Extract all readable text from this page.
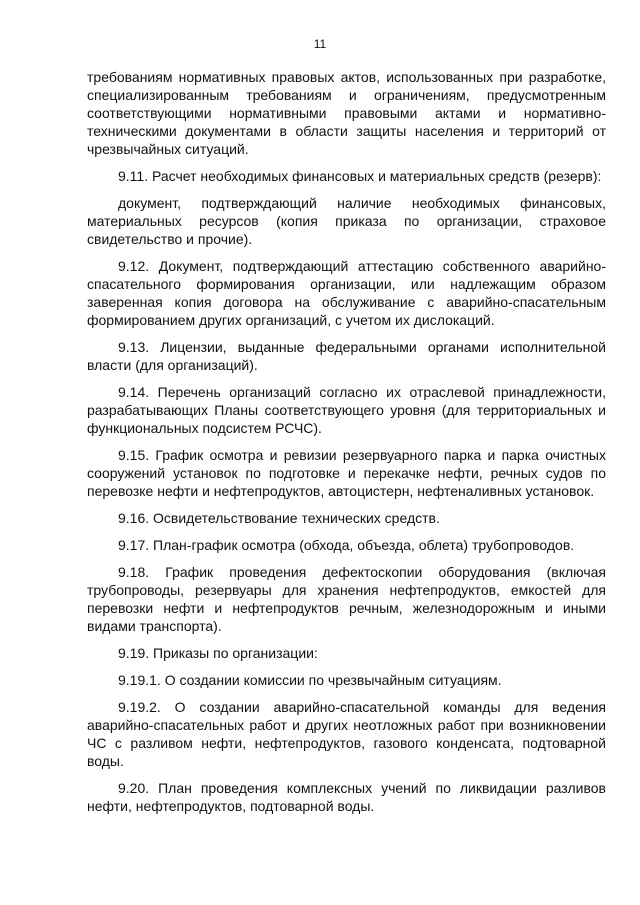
11

требованиям нормативных правовых актов, использованных при разработке, специализированным требованиям и ограничениям, предусмотренным соответствующими нормативными правовыми актами и нормативно-техническими документами в области защиты населения и территорий от чрезвычайных ситуаций.

9.11. Расчет необходимых финансовых и материальных средств (резерв):

документ, подтверждающий наличие необходимых финансовых, материальных ресурсов (копия приказа по организации, страховое свидетельство и прочие).

9.12. Документ, подтверждающий аттестацию собственного аварийно-спасательного формирования организации, или надлежащим образом заверенная копия договора на обслуживание с аварийно-спасательным формированием других организаций, с учетом их дислокаций.

9.13. Лицензии, выданные федеральными органами исполнительной власти (для организаций).

9.14. Перечень организаций согласно их отраслевой принадлежности, разрабатывающих Планы соответствующего уровня (для территориальных и функциональных подсистем РСЧС).

9.15. График осмотра и ревизии резервуарного парка и парка очистных сооружений установок по подготовке и перекачке нефти, речных судов по перевозке нефти и нефтепродуктов, автоцистерн, нефтеналивных установок.

9.16. Освидетельствование технических средств.

9.17. План-график осмотра (обхода, объезда, облета) трубопроводов.

9.18. График проведения дефектоскопии оборудования (включая трубопроводы, резервуары для хранения нефтепродуктов, емкостей для перевозки нефти и нефтепродуктов речным, железнодорожным и иными видами транспорта).

9.19. Приказы по организации:

9.19.1. О создании комиссии по чрезвычайным ситуациям.

9.19.2. О создании аварийно-спасательной команды для ведения аварийно-спасательных работ и других неотложных работ при возникновении ЧС с разливом нефти, нефтепродуктов, газового конденсата, подтоварной воды.

9.20. План проведения комплексных учений по ликвидации разливов нефти, нефтепродуктов, подтоварной воды.
